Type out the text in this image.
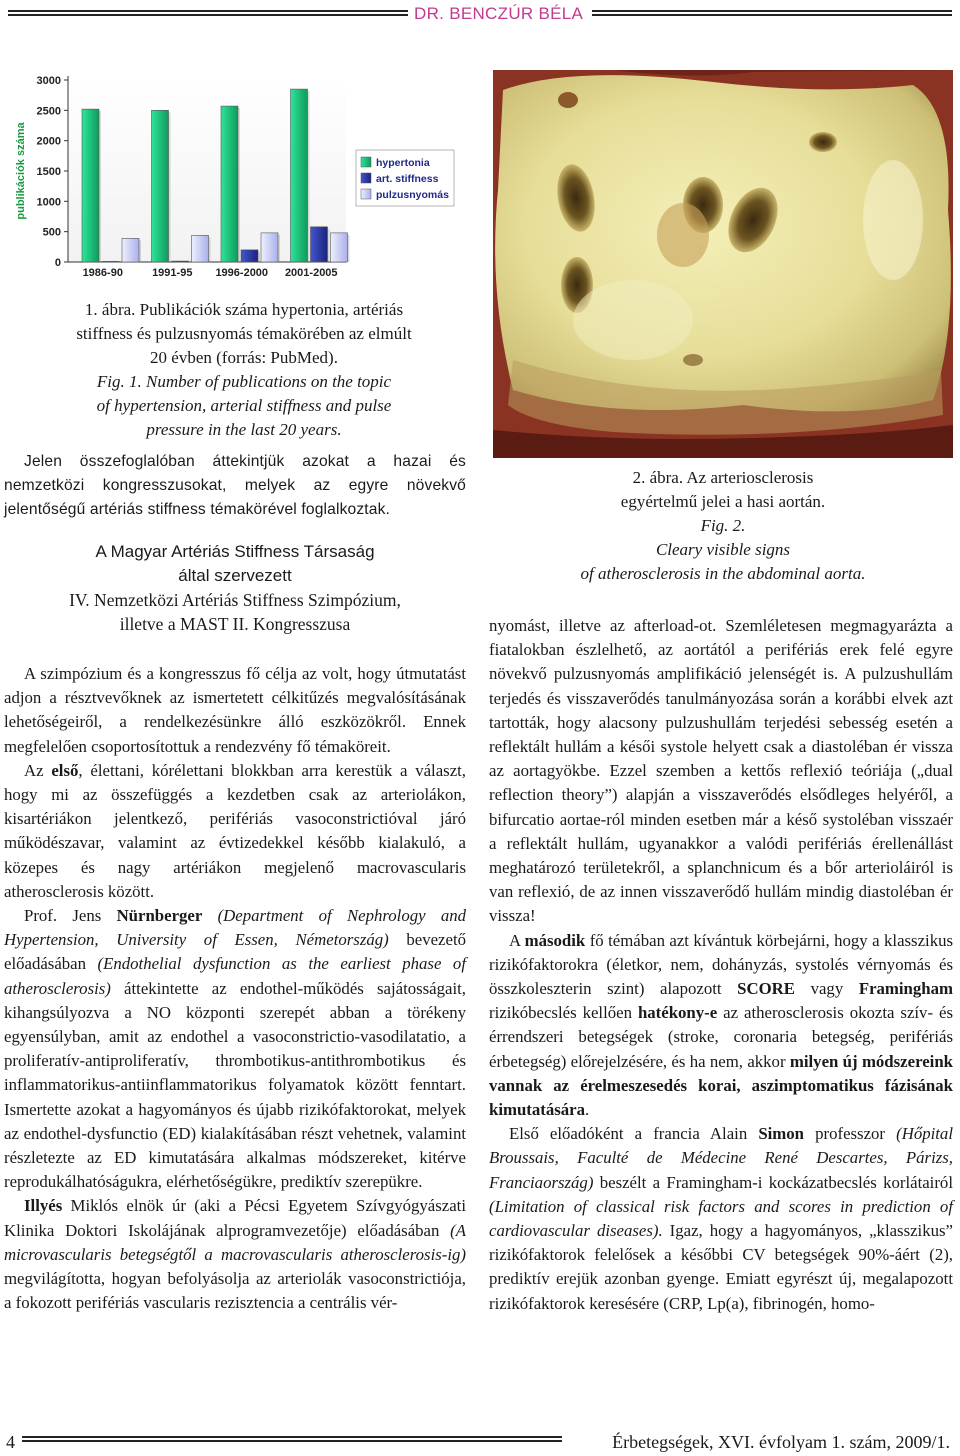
DR. BENCZÚR BÉLA
0
500
1000
1500
2000
2500
3000
publikációk száma
1986-90	1991-95 1996-2000 2001-2005
hypertonia
art. stiffness
pulzusnyomás
1. ábra. Publikációk száma hypertonia, artériás
stiffness és pulzusnyomás témakörében az elmúlt
20 évben (forrás: PubMed).
Fig. 1. Number of publications on the topic
of hypertension, arterial stiffness and pulse
pressure in the last 20 years.

Jelen összefoglalóban áttekintjük azokat a hazai és nemzetközi kongresszusokat, melyek az egyre növekvő jelentőségű artériás stiffness témakörével foglalkoztak.

A Magyar Artériás Stiffness Társaság
által szervezett
IV. Nemzetközi Artériás Stiffness Szimpózium,
illetve a MAST II. Kongresszusa

A szimpózium és a kongresszus fő célja az volt, hogy útmutatást adjon a résztvevőknek az ismertetett célkitűzés megvalósításának lehetőségeiről, a rendelkezésünkre álló eszközökről. Ennek megfelelően csoportosítottuk a rendezvény fő témaköreit.

Az első, élettani, kórélettani blokkban arra kerestük a választ, hogy mi az összefüggés a kezdetben csak az arteriolákon, kisartériákon jelentkező, perifériás vasoconstrictióval járó működészavar, valamint az évtizedekkel később kialakuló, a közepes és nagy artériákon megjelenő macrovascularis atherosclerosis között.

Prof. Jens Nürnberger (Department of Nephrology and Hypertension, University of Essen, Németország) bevezető előadásában (Endothelial dysfunction as the earliest phase of atherosclerosis) áttekintette az endothel-működés sajátosságait, kihangsúlyozva a NO központi szerepét abban a törékeny egyensúlyban, amit az endothel a vasoconstrictio-vasodilatatio, a proliferatív-antiproliferatív, thrombotikus-antithrombotikus és inflammatorikus-antiinflammatorikus folyamatok között fenntart. Ismertette azokat a hagyományos és újabb rizikófaktorokat, melyek az endothel-dysfunctio (ED) kialakításában részt vehetnek, valamint részletezte az ED kimutatására alkalmas módszereket, kitérve reprodukálhatóságukra, elérhetőségükre, prediktív szerepükre.

Illyés Miklós elnök úr (aki a Pécsi Egyetem Szívgyógyászati Klinika Doktori Iskolájának alprogramvezetője) előadásában (A microvascularis betegségtől a macrovascularis atherosclerosis-ig) megvilágította, hogyan befolyásolja az arteriolák vasoconstrictiója, a fokozott perifériás vascularis rezisztencia a centrális vér-

2. ábra. Az arteriosclerosis
egyértelmű jelei a hasi aortán.
Fig. 2.
Cleary visible signs
of atherosclerosis in the abdominal aorta.

nyomást, illetve az afterload-ot. Szemléletesen megmagyarázta a fiatalokban észlelhető, az aortától a perifériás erek felé egyre növekvő pulzusnyomás amplifikáció jelenségét is. A pulzushullám terjedés és visszaverődés tanulmányozása során a korábbi elvek azt tartották, hogy alacsony pulzushullám terjedési sebesség esetén a reflektált hullám a késői systole helyett csak a diastoléban ér vissza az aortagyökbe. Ezzel szemben a kettős reflexió teóriája („dual reflection theory”) alapján a visszaverődés elsődleges helyéről, a bifurcatio aortae-ról minden esetben már a késő systoléban visszaér a reflektált hullám, ugyanakkor a valódi perifériás érellenállást meghatározó területekről, a splanchnicum és a bőr arterioláiról is van reflexió, de az innen visszaverődő hullám mindig diastoléban ér vissza!

A második fő témában azt kívántuk körbejárni, hogy a klasszikus rizikófaktorokra (életkor, nem, dohányzás, systolés vérnyomás és összkoleszterin szint) alapozott SCORE vagy Framingham rizikóbecslés kellően hatékony-e az atherosclerosis okozta szív- és érrendszeri betegségek (stroke, coronaria betegség, perifériás érbetegség) előrejelzésére, és ha nem, akkor milyen új módszereink vannak az érelmeszesedés korai, aszimptomatikus fázisának kimutatására.

Első előadóként a francia Alain Simon professzor (Hőpital Broussais, Faculté de Médecine René Descartes, Párizs, Franciaország) beszélt a Framingham-i kockázatbecslés korlátairól (Limitation of classical risk factors and scores in prediction of cardiovascular diseases). Igaz, hogy a hagyományos, „klasszikus” rizikófaktorok felelősek a későbbi CV betegségek 90%-áért (2), prediktív erejük azonban gyenge. Emiatt egyrészt új, megalapozott rizikófaktorok keresésére (CRP, Lp(a), fibrinogén, homo-

4	Érbetegségek, XVI. évfolyam 1. szám, 2009/1.
